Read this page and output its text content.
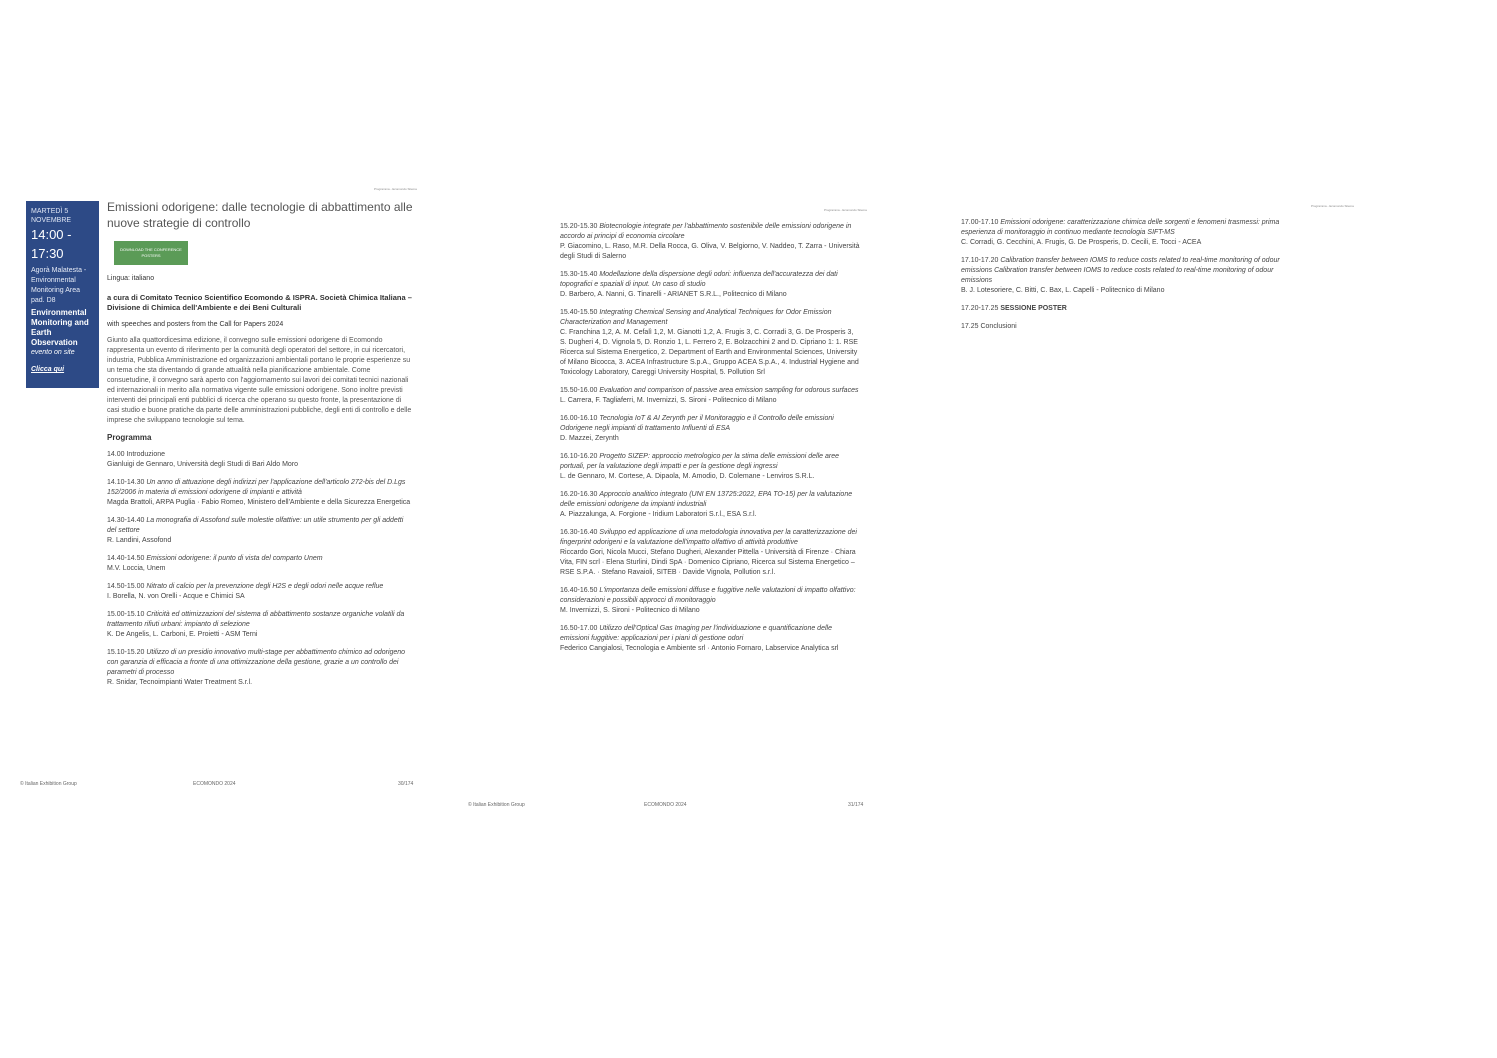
Programma - Ecomondo Sitema
MARTEDÌ 5 NOVEMBRE
14:00 - 17:30
Agorà Malatesta - Environmental Monitoring Area pad. D8
Environmental Monitoring and Earth Observation
evento on site
Clicca qui
Emissioni odorigene: dalle tecnologie di abbattimento alle nuove strategie di controllo
DOWNLOAD THE CONFERENCE POSTERS
Lingua: italiano
a cura di Comitato Tecnico Scientifico Ecomondo & ISPRA. Società Chimica Italiana – Divisione di Chimica dell'Ambiente e dei Beni Culturali
with speeches and posters from the Call for Papers 2024
Giunto alla quattordicesima edizione, il convegno sulle emissioni odorigene di Ecomondo rappresenta un evento di riferimento per la comunità degli operatori del settore, in cui ricercatori, industria, Pubblica Amministrazione ed organizzazioni ambientali portano le proprie esperienze su un tema che sta diventando di grande attualità nella pianificazione ambientale. Come consuetudine, il convegno sarà aperto con l'aggiornamento sui lavori dei comitati tecnici nazionali ed internazionali in merito alla normativa vigente sulle emissioni odorigene. Sono inoltre previsti interventi dei principali enti pubblici di ricerca che operano su questo fronte, la presentazione di casi studio e buone pratiche da parte delle amministrazioni pubbliche, degli enti di controllo e delle imprese che sviluppano tecnologie sul tema.
Programma
14.00 Introduzione
Gianluigi de Gennaro, Università degli Studi di Bari Aldo Moro
14.10-14.30 Un anno di attuazione degli indirizzi per l'applicazione dell'articolo 272-bis del D.Lgs 152/2006 in materia di emissioni odorigene di impianti e attività
Magda Brattoli, ARPA Puglia · Fabio Romeo, Ministero dell'Ambiente e della Sicurezza Energetica
14.30-14.40 La monografia di Assofond sulle molestie olfattive: un utile strumento per gli addetti del settore
R. Landini, Assofond
14.40-14.50 Emissioni odorigene: il punto di vista del comparto Unem
M.V. Loccia, Unem
14.50-15.00 Nitrato di calcio per la prevenzione degli H2S e degli odori nelle acque reflue
I. Borella, N. von Orelli - Acque e Chimici SA
15.00-15.10 Criticità ed ottimizzazioni del sistema di abbattimento sostanze organiche volatili da trattamento rifiuti urbani: impianto di selezione
K. De Angelis, L. Carboni, E. Proietti - ASM Terni
15.10-15.20 Utilizzo di un presidio innovativo multi-stage per abbattimento chimico ad odorigeno con garanzia di efficacia a fronte di una ottimizzazione della gestione, grazie a un controllo dei parametri di processo
R. Snidar, Tecnoimpianti Water Treatment S.r.l.
© Italian Exhibition Group	ECOMONDO 2024	30/174
Programma - Ecomondo Sitema
15.20-15.30 Biotecnologie integrate per l'abbattimento sostenibile delle emissioni odorigene in accordo ai principi di economia circolare
P. Giacomino, L. Raso, M.R. Della Rocca, G. Oliva, V. Belgiorno, V. Naddeo, T. Zarra - Università degli Studi di Salerno
15.30-15.40 Modellazione della dispersione degli odori: influenza dell'accuratezza dei dati topografici e spaziali di input. Un caso di studio
D. Barbero, A. Nanni, G. Tinarelli - ARIANET S.R.L., Politecnico di Milano
15.40-15.50 Integrating Chemical Sensing and Analytical Techniques for Odor Emission Characterization and Management
C. Franchina 1,2, A. M. Cefalì 1,2, M. Gianotti 1,2, A. Frugis 3, C. Corradi 3, G. De Prosperis 3, S. Dugheri 4, D. Vignola 5, D. Ronzio 1, L. Ferrero 2, E. Bolzacchini 2 and D. Cipriano 1: 1. RSE Ricerca sul Sistema Energetico, 2. Department of Earth and Environmental Sciences, University of Milano Bicocca, 3. ACEA Infrastructure S.p.A., Gruppo ACEA S.p.A., 4. Industrial Hygiene and Toxicology Laboratory, Careggi University Hospital, 5. Pollution Srl
15.50-16.00 Evaluation and comparison of passive area emission sampling for odorous surfaces
L. Carrera, F. Tagliaferri, M. Invernizzi, S. Sironi - Politecnico di Milano
16.00-16.10 Tecnologia IoT & AI Zerynth per il Monitoraggio e il Controllo delle emissioni Odorigene negli impianti di trattamento Influenti di ESA
D. Mazzei, Zerynth
16.10-16.20 Progetto SIZEP: approccio metrologico per la stima delle emissioni delle aree portuali, per la valutazione degli impatti e per la gestione degli ingressi
L. de Gennaro, M. Cortese, A. Dipaola, M. Amodio, D. Colemane - Lenviros S.R.L.
16.20-16.30 Approccio analitico integrato (UNI EN 13725:2022, EPA TO-15) per la valutazione delle emissioni odorigene da impianti industriali
A. Piazzalunga, A. Forgione - Iridium Laboratori S.r.l., ESA S.r.l.
16.30-16.40 Sviluppo ed applicazione di una metodologia innovativa per la caratterizzazione dei fingerprint odorigeni e la valutazione dell'impatto olfattivo di attività produttive
Riccardo Gori, Nicola Mucci, Stefano Dugheri, Alexander Pittella - Università di Firenze · Chiara Vita, FIN scrl · Elena Sturlini, Dindi SpA · Domenico Cipriano, Ricerca sul Sistema Energetico – RSE S.P.A. · Stefano Ravaioli, SITEB · Davide Vignola, Pollution s.r.l.
16.40-16.50 L'importanza delle emissioni diffuse e fuggitive nelle valutazioni di impatto olfattivo: considerazioni e possibili approcci di monitoraggio
M. Invernizzi, S. Sironi - Politecnico di Milano
16.50-17.00 Utilizzo dell'Optical Gas Imaging per l'individuazione e quantificazione delle emissioni fuggitive: applicazioni per i piani di gestione odori
Federico Cangialosi, Tecnologia e Ambiente srl · Antonio Fornaro, Labservice Analytica srl
© Italian Exhibition Group	ECOMONDO 2024	31/174
Programma - Ecomondo Sitema
17.00-17.10 Emissioni odorigene: caratterizzazione chimica delle sorgenti e fenomeni trasmessi: prima esperienza di monitoraggio in continuo mediante tecnologia SIFT-MS
C. Corradi, G. Cecchini, A. Frugis, G. De Prosperis, D. Cecili, E. Tocci - ACEA
17.10-17.20 Calibration transfer between IOMS to reduce costs related to real-time monitoring of odour emissions Calibration transfer between IOMS to reduce costs related to real-time monitoring of odour emissions
B. J. Lotesoriere, C. Bitti, C. Bax, L. Capelli - Politecnico di Milano
17.20-17.25 SESSIONE POSTER
17.25 Conclusioni
